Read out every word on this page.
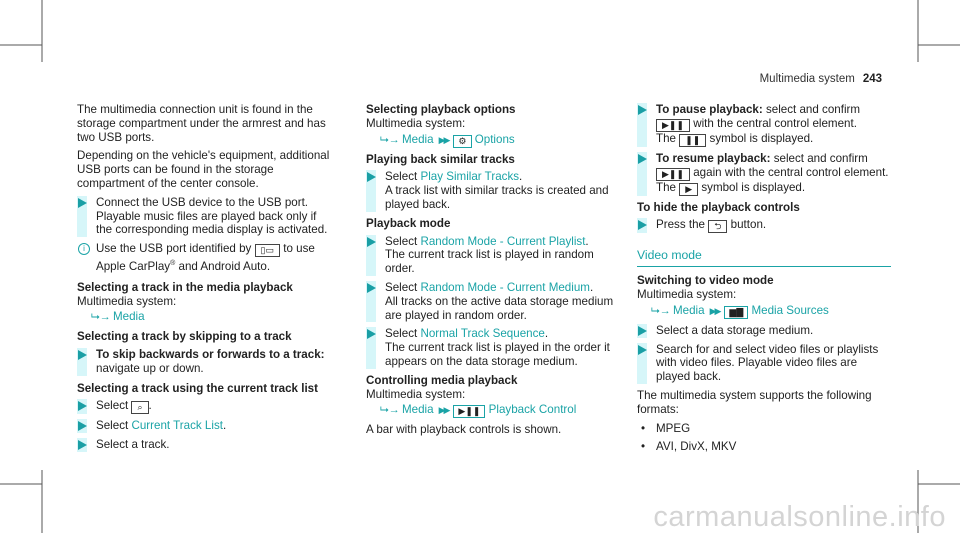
Multimedia system 243

The multimedia connection unit is found in the storage compartment under the armrest and has two USB ports.

Depending on the vehicle's equipment, additional USB ports can be found in the storage compartment of the center console.

Connect the USB device to the USB port. Playable music files are played back only if the corresponding media display is activated.
i Use the USB port identified by ▯▭ to use Apple CarPlay® and Android Auto.
Selecting a track in the media playback
Multimedia system:
⮡→ Media
Selecting a track by skipping to a track
To skip backwards or forwards to a track: navigate up or down.
Selecting a track using the current track list
Select ⌕ .
Select Current Track List.
Select a track.
Selecting playback options
Multimedia system:
⮡→ Media ▶▶ ⚙ Options
Playing back similar tracks
Select Play Similar Tracks.
A track list with similar tracks is created and played back.
Playback mode
Select Random Mode - Current Playlist.
The current track list is played in random order.
Select Random Mode - Current Medium.
All tracks on the active data storage medium are played in random order.
Select Normal Track Sequence.
The current track list is played in the order it appears on the data storage medium.
Controlling media playback
Multimedia system:
⮡→ Media ▶▶ ▶❚❚ Playback Control

A bar with playback controls is shown.

To pause playback: select and confirm
▶❚❚ with the central control element.
The ❚❚ symbol is displayed.
To resume playback: select and confirm
▶❚❚ again with the central control element.
The ▶ symbol is displayed.
To hide the playback controls
Press the ⮌ button.
Video mode
Switching to video mode
Multimedia system:
⮡→ Media ▶▶ ▆▇ Media Sources
Select a data storage medium.
Search for and select video files or playlists with video files. Playable video files are played back.

The multimedia system supports the following formats:

• MPEG
• AVI, DivX, MKV
carmanualsonline.info
